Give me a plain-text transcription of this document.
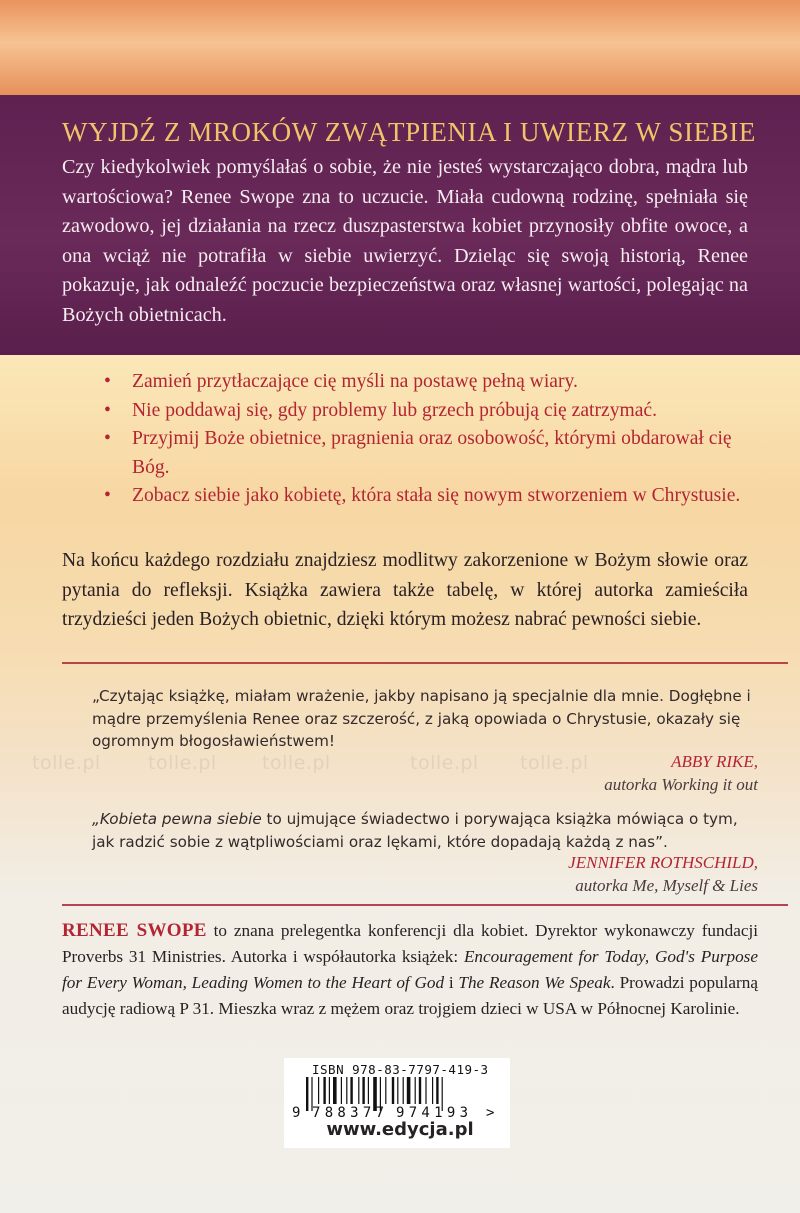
WYJDŹ Z MROKÓW ZWĄTPIENIA I UWIERZ W SIEBIE

Czy kiedykolwiek pomyślałaś o sobie, że nie jesteś wystarczająco dobra, mądra lub wartościowa? Renee Swope zna to uczucie. Miała cudowną rodzinę, spełniała się zawodowo, jej działania na rzecz duszpasterstwa kobiet przynosiły obfite owoce, a ona wciąż nie potrafiła w siebie uwierzyć. Dzieląc się swoją historią, Renee pokazuje, jak odnaleźć poczucie bezpieczeństwa oraz własnej wartości, polegając na Bożych obietnicach.

• Zamień przytłaczające cię myśli na postawę pełną wiary.
• Nie poddawaj się, gdy problemy lub grzech próbują cię zatrzymać.
• Przyjmij Boże obietnice, pragnienia oraz osobowość, którymi obdarował cię Bóg.
• Zobacz siebie jako kobietę, która stała się nowym stworzeniem w Chrystusie.

Na końcu każdego rozdziału znajdziesz modlitwy zakorzenione w Bożym słowie oraz pytania do refleksji. Książka zawiera także tabelę, w której autorka zamieściła trzydzieści jeden Bożych obietnic, dzięki którym możesz nabrać pewności siebie.

tolle.pl tolle.pl tolle.pl	tolle.pl tolle.pl

„Czytając książkę, miałam wrażenie, jakby napisano ją specjalnie dla mnie. Dogłębne i mądre przemyślenia Renee oraz szczerość, z jaką opowiada o Chrystusie, okazały się ogromnym błogosławieństwem!

ABBY RIKE,
autorka Working it out

„Kobieta pewna siebie to ujmujące świadectwo i porywająca książka mówiąca o tym, jak radzić sobie z wątpliwościami oraz lękami, które dopadają każdą z nas”.

JENNIFER ROTHSCHILD,
autorka Me, Myself & Lies

RENEE SWOPE to znana prelegentka konferencji dla kobiet. Dyrektor wykonawczy fundacji Proverbs 31 Ministries. Autorka i współautorka książek: Encouragement for Today, God's Purpose for Every Woman, Leading Women to the Heart of God i The Reason We Speak. Prowadzi popularną audycję radiową P 31. Mieszka wraz z mężem oraz trojgiem dzieci w USA w Północnej Karolinie.

ISBN 978-83-7797-419-3
9 788377 974193 >
www.edycja.pl
